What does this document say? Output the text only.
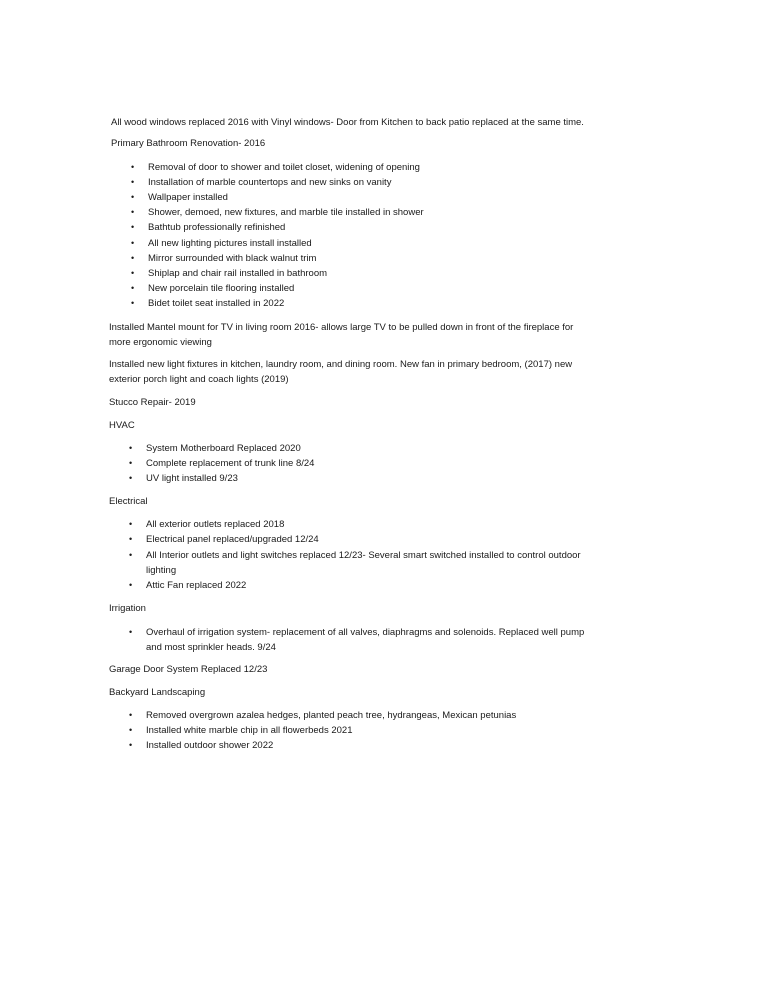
All wood windows replaced 2016 with Vinyl windows- Door from Kitchen to back patio replaced at the same time.

Primary Bathroom Renovation- 2016

• Removal of door to shower and toilet closet, widening of opening
• Installation of marble countertops and new sinks on vanity
• Wallpaper installed
• Shower, demoed, new fixtures, and marble tile installed in shower
• Bathtub professionally refinished
• All new lighting pictures install installed
• Mirror surrounded with black walnut trim
• Shiplap and chair rail installed in bathroom
• New porcelain tile flooring installed
• Bidet toilet seat installed in 2022

Installed Mantel mount for TV in living room 2016- allows large TV to be pulled down in front of the fireplace for more ergonomic viewing

Installed new light fixtures in kitchen, laundry room, and dining room. New fan in primary bedroom, (2017) new exterior porch light and coach lights (2019)

Stucco Repair- 2019

HVAC

• System Motherboard Replaced 2020
• Complete replacement of trunk line 8/24
• UV light installed 9/23

Electrical

• All exterior outlets replaced 2018
• Electrical panel replaced/upgraded 12/24
• All Interior outlets and light switches replaced 12/23- Several smart switched installed to control outdoor lighting
• Attic Fan replaced 2022

Irrigation

• Overhaul of irrigation system- replacement of all valves, diaphragms and solenoids. Replaced well pump and most sprinkler heads. 9/24

Garage Door System Replaced 12/23

Backyard Landscaping

• Removed overgrown azalea hedges, planted peach tree, hydrangeas, Mexican petunias
• Installed white marble chip in all flowerbeds 2021
• Installed outdoor shower 2022
